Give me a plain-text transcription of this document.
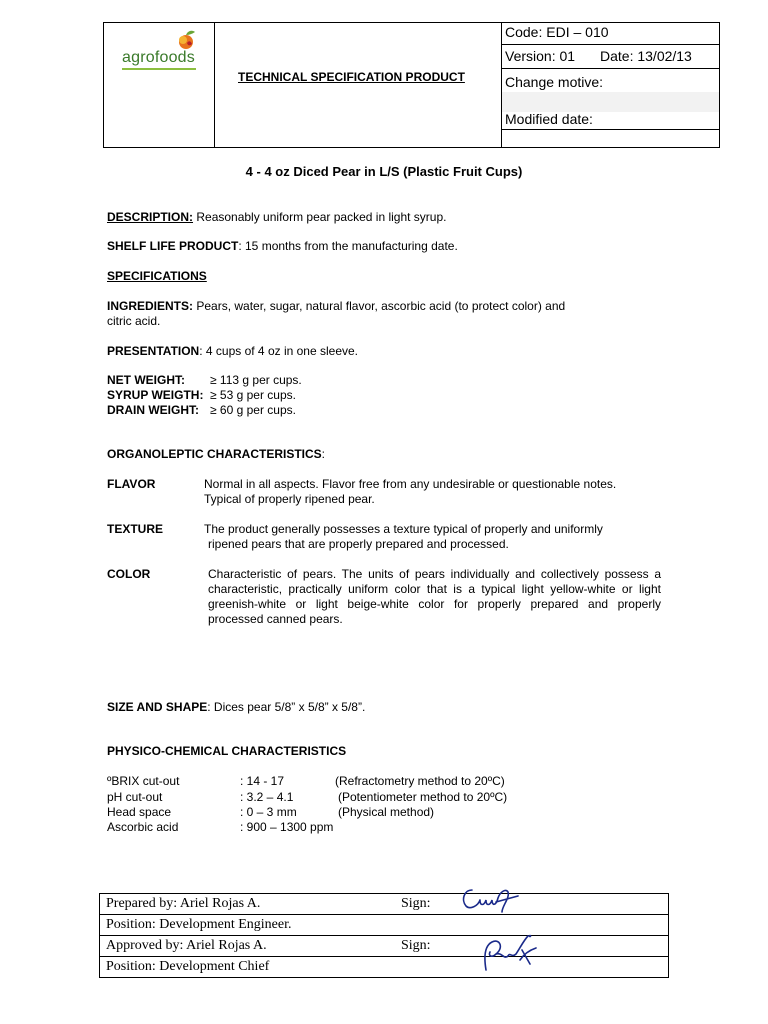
agrofoods
TECHNICAL SPECIFICATION PRODUCT
Code: EDI – 010
Version: 01 Date: 13/02/13
Change motive:
Modified date:
4 - 4 oz Diced Pear in L/S (Plastic Fruit Cups)
DESCRIPTION: Reasonably uniform pear packed in light syrup.
SHELF LIFE PRODUCT: 15 months from the manufacturing date.
SPECIFICATIONS
INGREDIENTS: Pears, water, sugar, natural flavor, ascorbic acid (to protect color) and
citric acid.
PRESENTATION: 4 cups of 4 oz in one sleeve.
NET WEIGHT: ≥ 113 g per cups.
SYRUP WEIGTH: ≥ 53 g per cups.
DRAIN WEIGHT: ≥ 60 g per cups.
ORGANOLEPTIC CHARACTERISTICS:
FLAVOR	Normal in all aspects. Flavor free from any undesirable or questionable notes.
Typical of properly ripened pear.
TEXTURE	The product generally possesses a texture typical of properly and uniformly
ripened pears that are properly prepared and processed.
COLOR	Characteristic of pears. The units of pears individually and collectively possess a characteristic, practically uniform color that is a typical light yellow-white or light greenish-white or light beige-white color for properly prepared and properly processed canned pears.
SIZE AND SHAPE: Dices pear 5/8” x 5/8” x 5/8”.
PHYSICO-CHEMICAL CHARACTERISTICS
ºBRIX cut-out	: 14 - 17	(Refractometry method to 20ºC)
pH cut-out	: 3.2 – 4.1	(Potentiometer method to 20ºC)
Head space	: 0 – 3 mm	(Physical method)
Ascorbic acid	: 900 – 1300 ppm
Prepared by: Ariel Rojas A.	Sign:
Position: Development Engineer.
Approved by: Ariel Rojas A.	Sign:
Position: Development Chief
